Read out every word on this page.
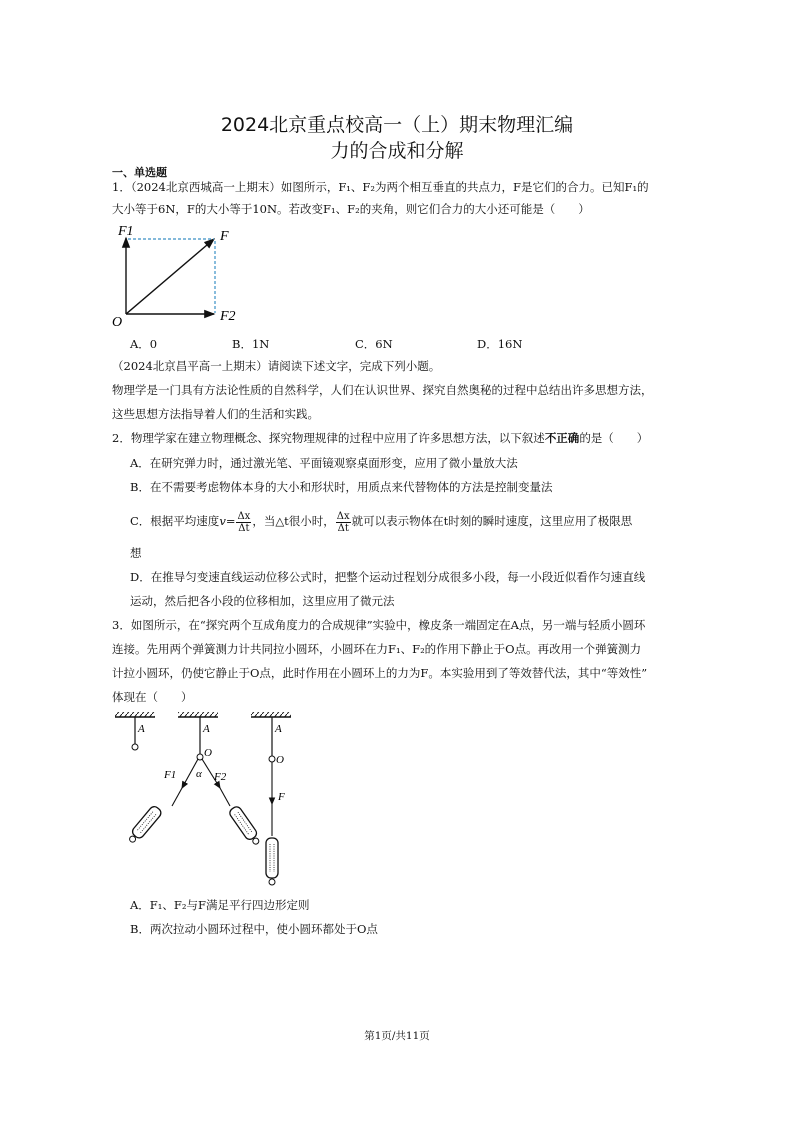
2024北京重点校高一（上）期末物理汇编
力的合成和分解
一、单选题
1．（2024北京西城高一上期末）如图所示，F₁、F₂为两个相互垂直的共点力，F是它们的合力。已知F₁的
大小等于6N，F的大小等于10N。若改变F₁、F₂的夹角，则它们合力的大小还可能是（　　）
F1	F
O	F2
A．0	B．1N	C．6N	D．16N
（2024北京昌平高一上期末）请阅读下述文字，完成下列小题。
物理学是一门具有方法论性质的自然科学，人们在认识世界、探究自然奥秘的过程中总结出许多思想方法，
这些思想方法指导着人们的生活和实践。
2．物理学家在建立物理概念、探究物理规律的过程中应用了许多思想方法，以下叙述不正确的是（　　）
A．在研究弹力时，通过激光笔、平面镜观察桌面形变，应用了微小量放大法
B．在不需要考虑物体本身的大小和形状时，用质点来代替物体的方法是控制变量法
C．根据平均速度$v= \frac{\Delta x}{\Delta t}$ ，当△t很小时， $\frac{\Delta x}{\Delta t}$ 就可以表示物体在t时刻的瞬时速度，这里应用了极限思
想
D．在推导匀变速直线运动位移公式时，把整个运动过程划分成很多小段，每一小段近似看作匀速直线
运动，然后把各小段的位移相加，这里应用了微元法
3．如图所示，在“探究两个互成角度力的合成规律”实验中，橡皮条一端固定在A点，另一端与轻质小圆环
连接。先用两个弹簧测力计共同拉小圆环，小圆环在力F₁、F₂的作用下静止于O点。再改用一个弹簧测力
计拉小圆环，仍使它静止于O点，此时作用在小圆环上的力为F。本实验用到了等效替代法，其中“等效性”
体现在（　　）
A	A
O
α
F1	F2
A
O
F
A．F₁、F₂与F满足平行四边形定则
B．两次拉动小圆环过程中，使小圆环都处于O点
第1页/共11页
